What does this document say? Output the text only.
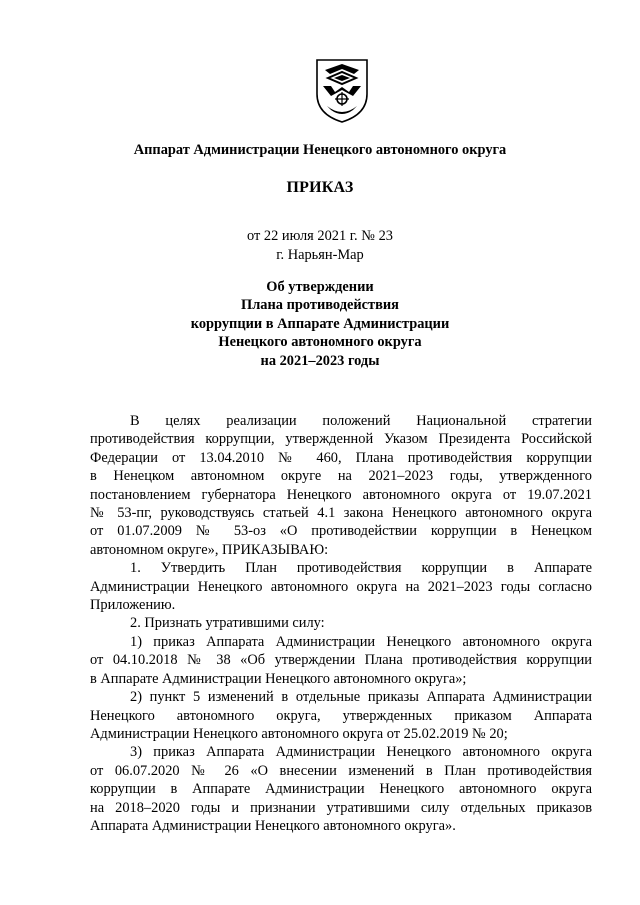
Аппарат Администрации Ненецкого автономного округа
ПРИКАЗ
от 22 июля 2021 г. № 23
г. Нарьян-Мар
Об утверждении
Плана противодействия
коррупции в Аппарате Администрации
Ненецкого автономного округа
на 2021–2023 годы

В целях реализации положений Национальной стратегии

противодействия коррупции, утвержденной Указом Президента Российской

Федерации от 13.04.2010 № 460, Плана противодействия коррупции

в Ненецком автономном округе на 2021–2023 годы, утвержденного

постановлением губернатора Ненецкого автономного округа от 19.07.2021

№ 53-пг, руководствуясь статьей 4.1 закона Ненецкого автономного округа

от 01.07.2009 № 53-оз «О противодействии коррупции в Ненецком

автономном округе», ПРИКАЗЫВАЮ:

1. Утвердить План противодействия коррупции в Аппарате

Администрации Ненецкого автономного округа на 2021–2023 годы согласно

Приложению.

2. Признать утратившими силу:

1) приказ Аппарата Администрации Ненецкого автономного округа

от 04.10.2018 № 38 «Об утверждении Плана противодействия коррупции

в Аппарате Администрации Ненецкого автономного округа»;

2) пункт 5 изменений в отдельные приказы Аппарата Администрации

Ненецкого автономного округа, утвержденных приказом Аппарата

Администрации Ненецкого автономного округа от 25.02.2019 № 20;

3) приказ Аппарата Администрации Ненецкого автономного округа

от 06.07.2020 № 26 «О внесении изменений в План противодействия

коррупции в Аппарате Администрации Ненецкого автономного округа

на 2018–2020 годы и признании утратившими силу отдельных приказов

Аппарата Администрации Ненецкого автономного округа».
